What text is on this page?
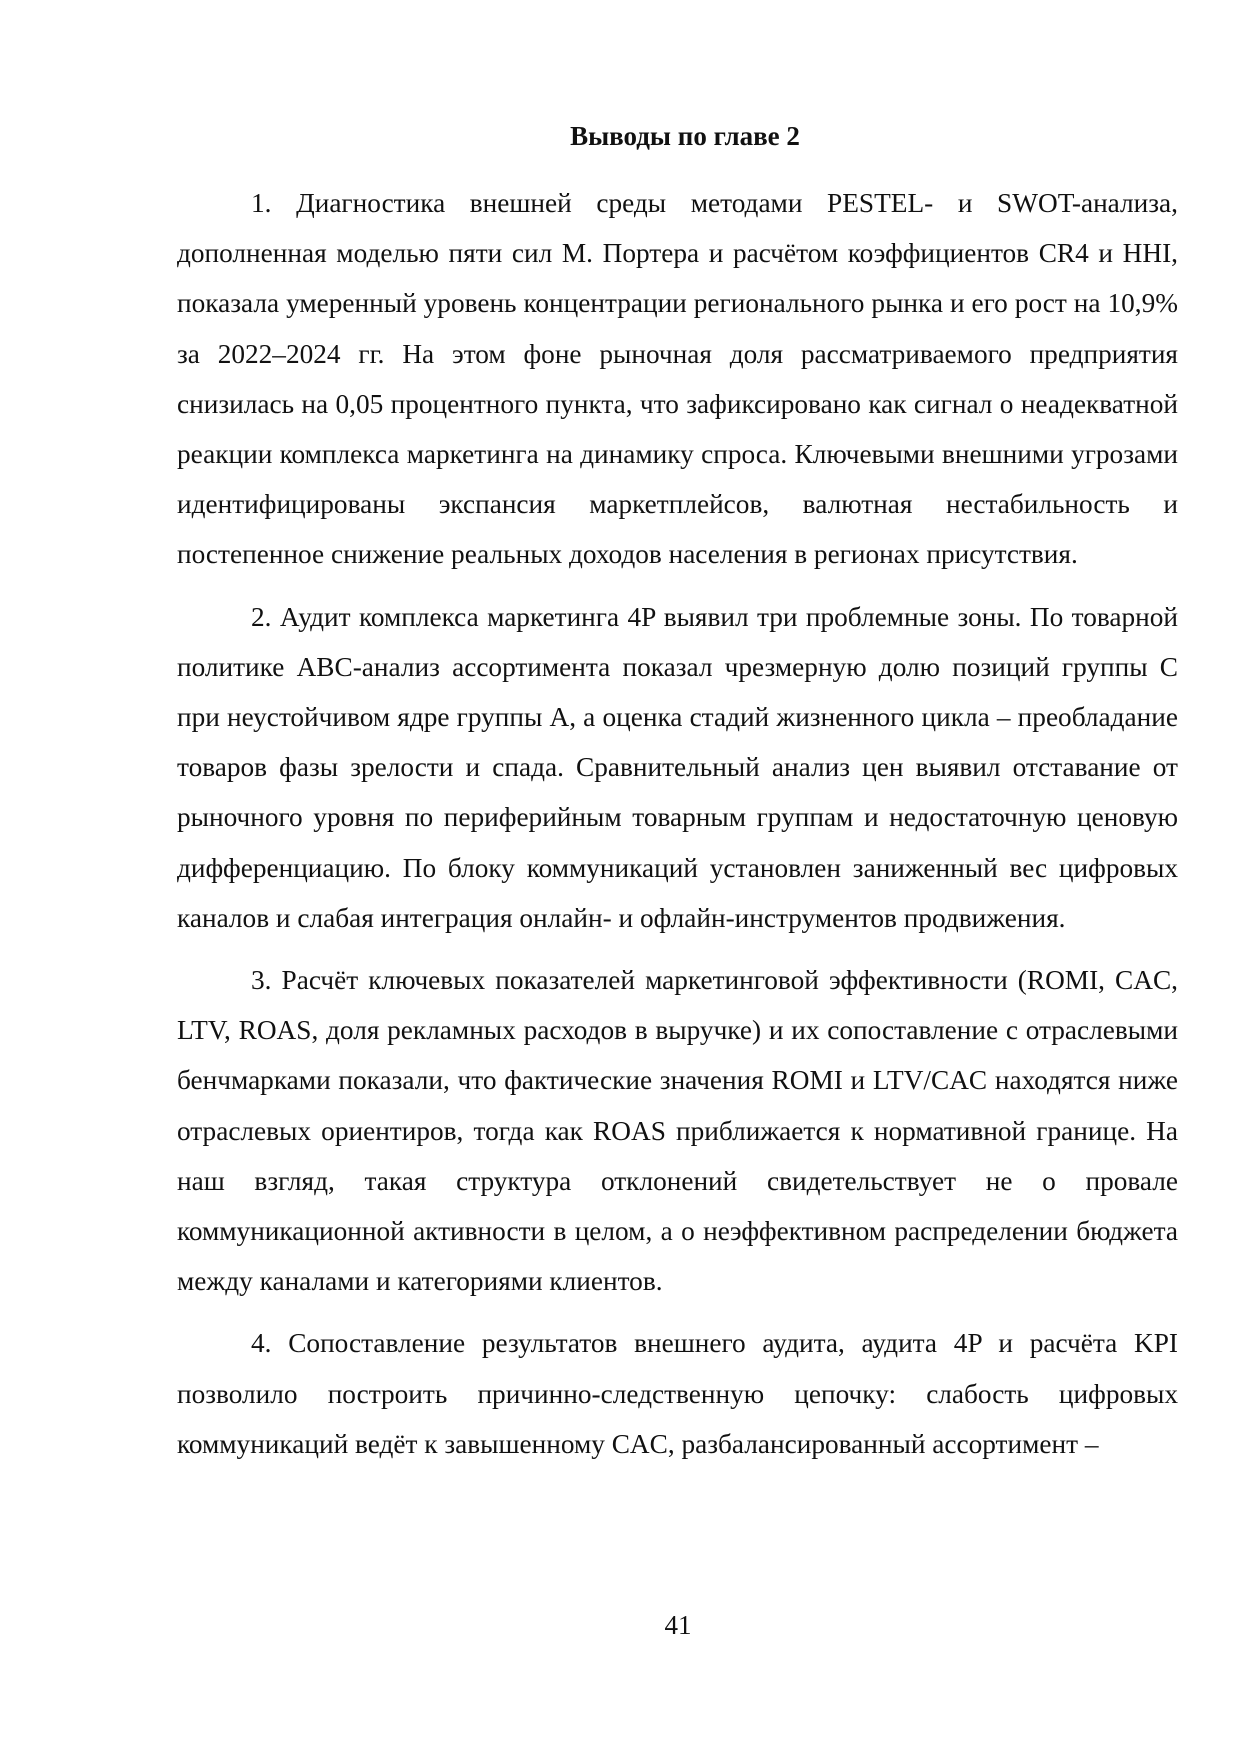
Выводы по главе 2

1. Диагностика внешней среды методами PESTEL- и SWOT-анализа, дополненная моделью пяти сил М. Портера и расчётом коэффициентов CR4 и HHI, показала умеренный уровень концентрации регионального рынка и его рост на 10,9% за 2022–2024 гг. На этом фоне рыночная доля рассматриваемого предприятия снизилась на 0,05 процентного пункта, что зафиксировано как сигнал о неадекватной реакции комплекса маркетинга на динамику спроса. Ключевыми внешними угрозами идентифицированы экспансия маркетплейсов, валютная нестабильность и постепенное снижение реальных доходов населения в регионах присутствия.

2. Аудит комплекса маркетинга 4P выявил три проблемные зоны. По товарной политике ABC-анализ ассортимента показал чрезмерную долю позиций группы C при неустойчивом ядре группы A, а оценка стадий жизненного цикла – преобладание товаров фазы зрелости и спада. Сравнительный анализ цен выявил отставание от рыночного уровня по периферийным товарным группам и недостаточную ценовую дифференциацию. По блоку коммуникаций установлен заниженный вес цифровых каналов и слабая интеграция онлайн- и офлайн-инструментов продвижения.

3. Расчёт ключевых показателей маркетинговой эффективности (ROMI, CAC, LTV, ROAS, доля рекламных расходов в выручке) и их сопоставление с отраслевыми бенчмарками показали, что фактические значения ROMI и LTV/CAC находятся ниже отраслевых ориентиров, тогда как ROAS приближается к нормативной границе. На наш взгляд, такая структура отклонений свидетельствует не о провале коммуникационной активности в целом, а о неэффективном распределении бюджета между каналами и категориями клиентов.

4. Сопоставление результатов внешнего аудита, аудита 4P и расчёта KPI позволило построить причинно-следственную цепочку: слабость цифровых коммуникаций ведёт к завышенному CAC, разбалансированный ассортимент –

41
